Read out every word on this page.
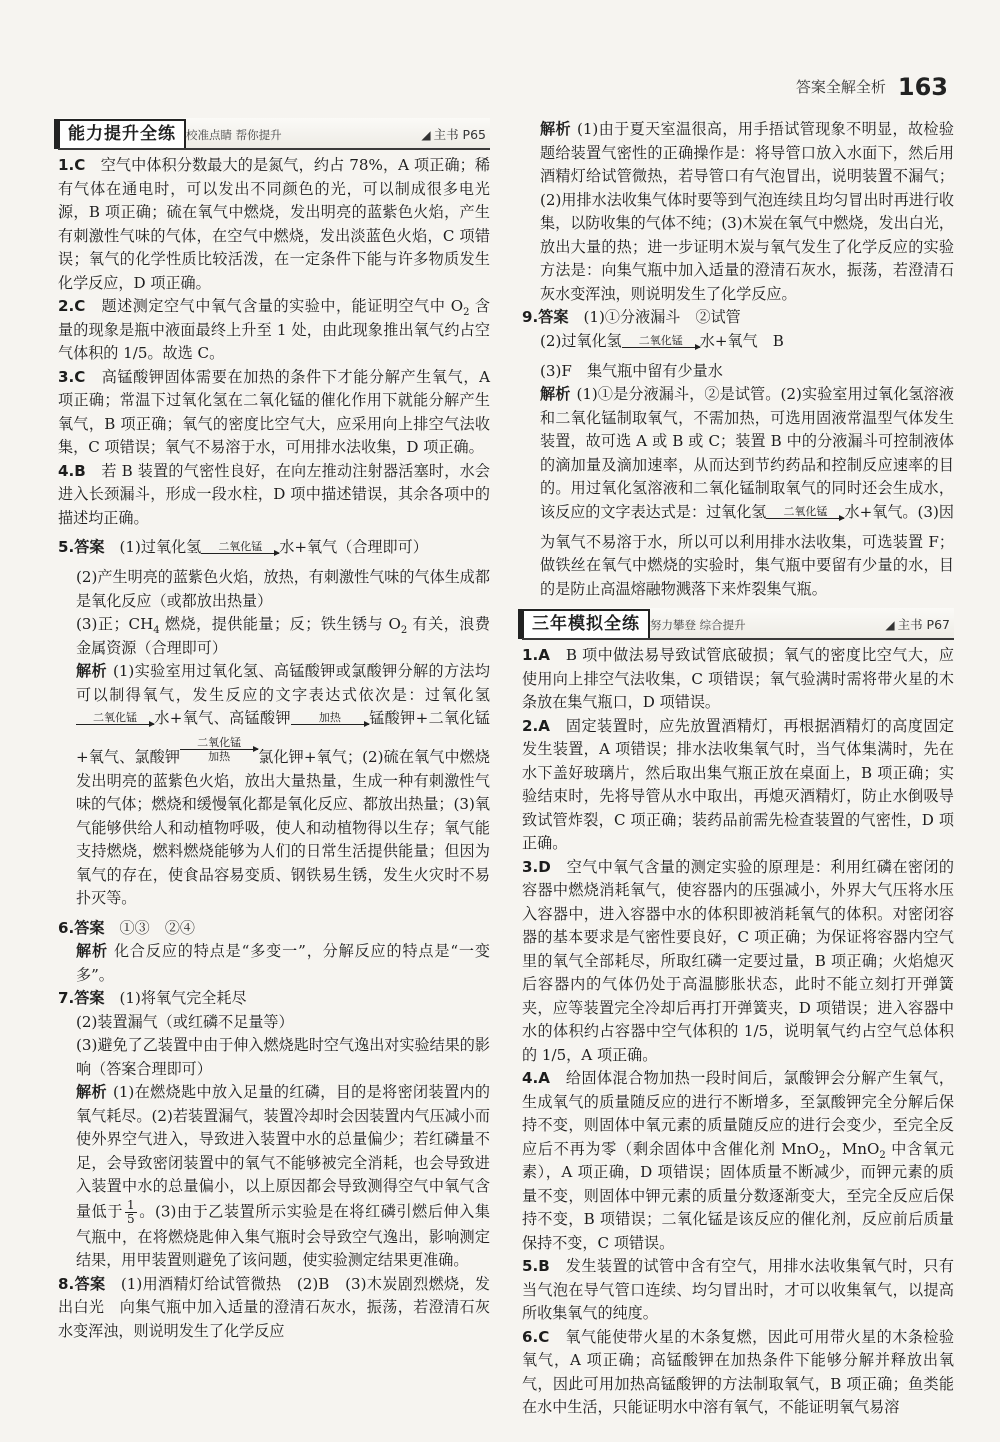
答案全解全析 163
能力提升全练 校准点睛 帮你提升	◢ 主书 P65

1.C　 空气中体积分数最大的是氮气，约占 78%，A 项正确；稀有气体在通电时，可以发出不同颜色的光，可以制成很多电光源，B 项正确；硫在氧气中燃烧，发出明亮的蓝紫色火焰，产生有刺激性气味的气体，在空气中燃烧，发出淡蓝色火焰，C 项错误；氧气的化学性质比较活泼，在一定条件下能与许多物质发生化学反应，D 项正确。

2.C　 题述测定空气中氧气含量的实验中，能证明空气中 $O_2$ 含量的现象是瓶中液面最终上升至 1 处，由此现象推出氧气约占空气体积的 1/5。故选 C。

3.C　 高锰酸钾固体需要在加热的条件下才能分解产生氧气，A 项正确；常温下过氧化氢在二氧化锰的催化作用下就能分解产生氧气，B 项正确；氧气的密度比空气大，应采用向上排空气法收集，C 项错误；氧气不易溶于水，可用排水法收集，D 项正确。

4.B　 若 B 装置的气密性良好，在向左推动注射器活塞时，水会进入长颈漏斗，形成一段水柱，D 项中描述错误，其余各项中的描述均正确。

5.答案　 (1)过氧化氢	二氧化锰	水+氧气（合理即可）

(2)产生明亮的蓝紫色火焰，放热，有刺激性气味的气体生成都是氧化反应（或都放出热量）

(3)正；$CH_4$ 燃烧，提供能量；反；铁生锈与 $O_2$ 有关，浪费金属资源（合理即可）

解析 (1)实验室用过氧化氢、高锰酸钾或氯酸钾分解的方法均可以制得氧气，发生反应的文字表达式依次是：过氧化氢
二氧化锰	水+氧气、高锰酸钾	加热	锰酸钾+二氧化锰+氧气、氯酸钾
二氧化锰
加热	氯化钾+氧气；(2)硫在氧气中燃烧发出明亮的蓝紫色火焰，放出大量热量，生成一种有刺激性气味的气体；燃烧和缓慢氧化都是氧化反应、都放出热量；(3)氧气能够供给人和动植物呼吸，使人和动植物得以生存；氧气能支持燃烧，燃料燃烧能够为人们的日常生活提供能量；但因为氧气的存在，使食品容易变质、钢铁易生锈，发生火灾时不易扑灭等。

6.答案　 ①③　②④

解析 化合反应的特点是“多变一”，分解反应的特点是“一变多”。

7.答案　 (1)将氧气完全耗尽

(2)装置漏气（或红磷不足量等）

(3)避免了乙装置中由于伸入燃烧匙时空气逸出对实验结果的影响（答案合理即可）

解析 (1)在燃烧匙中放入足量的红磷，目的是将密闭装置内的氧气耗尽。(2)若装置漏气，装置冷却时会因装置内气压减小而使外界空气进入，导致进入装置中水的总量偏少；若红磷量不足，会导致密闭装置中的氧气不能够被完全消耗，也会导致进入装置中水的总量偏小，以上原因都会导致测得空气中氧气含量低于 $\frac{1}{5}$ 。(3)由于乙装置所示实验是在将红磷引燃后伸入集气瓶中，在将燃烧匙伸入集气瓶时会导致空气逸出，影响测定结果，用甲装置则避免了该问题，使实验测定结果更准确。

8.答案　 (1)用酒精灯给试管微热　(2)B　(3)木炭剧烈燃烧，发出白光　向集气瓶中加入适量的澄清石灰水，振荡，若澄清石灰水变浑浊，则说明发生了化学反应

解析 (1)由于夏天室温很高，用手捂试管现象不明显，故检验题给装置气密性的正确操作是：将导管口放入水面下，然后用酒精灯给试管微热，若导管口有气泡冒出，说明装置不漏气；(2)用排水法收集气体时要等到气泡连续且均匀冒出时再进行收集，以防收集的气体不纯；(3)木炭在氧气中燃烧，发出白光，放出大量的热；进一步证明木炭与氧气发生了化学反应的实验方法是：向集气瓶中加入适量的澄清石灰水，振荡，若澄清石灰水变浑浊，则说明发生了化学反应。

9.答案　 (1)①分液漏斗　②试管

(2)过氧化氢	二氧化锰	水+氧气　B

(3)F　集气瓶中留有少量水

解析 (1)①是分液漏斗，②是试管。(2)实验室用过氧化氢溶液和二氧化锰制取氧气，不需加热，可选用固液常温型气体发生装置，故可选 A 或 B 或 C；装置 B 中的分液漏斗可控制液体的滴加量及滴加速率，从而达到节约药品和控制反应速率的目的。用过氧化氢溶液和二氧化锰制取氧气的同时还会生成水，该反应的文字表达式是：过氧化氢	二氧化锰	水+氧气。(3)因为氧气不易溶于水，所以可以利用排水法收集，可选装置 F；做铁丝在氧气中燃烧的实验时，集气瓶中要留有少量的水，目的是防止高温熔融物溅落下来炸裂集气瓶。

三年模拟全练 努力攀登 综合提升	◢ 主书 P67

1.A　 B 项中做法易导致试管底破损；氧气的密度比空气大，应使用向上排空气法收集，C 项错误；氧气验满时需将带火星的木条放在集气瓶口，D 项错误。

2.A　 固定装置时，应先放置酒精灯，再根据酒精灯的高度固定发生装置，A 项错误；排水法收集氧气时，当气体集满时，先在水下盖好玻璃片，然后取出集气瓶正放在桌面上，B 项正确；实验结束时，先将导管从水中取出，再熄灭酒精灯，防止水倒吸导致试管炸裂，C 项正确；装药品前需先检查装置的气密性，D 项正确。

3.D　 空气中氧气含量的测定实验的原理是：利用红磷在密闭的容器中燃烧消耗氧气，使容器内的压强减小，外界大气压将水压入容器中，进入容器中水的体积即被消耗氧气的体积。对密闭容器的基本要求是气密性要良好，C 项正确；为保证将容器内空气里的氧气全部耗尽，所取红磷一定要过量，B 项正确；火焰熄灭后容器内的气体仍处于高温膨胀状态，此时不能立刻打开弹簧夹，应等装置完全冷却后再打开弹簧夹，D 项错误；进入容器中水的体积约占容器中空气体积的 1/5，说明氧气约占空气总体积的 1/5，A 项正确。

4.A　 给固体混合物加热一段时间后，氯酸钾会分解产生氧气，生成氧气的质量随反应的进行不断增多，至氯酸钾完全分解后保持不变，则固体中氧元素的质量随反应的进行会变少，至完全反应后不再为零（剩余固体中含催化剂 MnO$_2$，MnO$_2$ 中含氧元素），A 项正确，D 项错误；固体质量不断减少，而钾元素的质量不变，则固体中钾元素的质量分数逐渐变大，至完全反应后保持不变，B 项错误；二氧化锰是该反应的催化剂，反应前后质量保持不变，C 项错误。

5.B　 发生装置的试管中含有空气，用排水法收集氧气时，只有当气泡在导气管口连续、均匀冒出时，才可以收集氧气，以提高所收集氧气的纯度。

6.C　 氧气能使带火星的木条复燃，因此可用带火星的木条检验氧气，A 项正确；高锰酸钾在加热条件下能够分解并释放出氧气，因此可用加热高锰酸钾的方法制取氧气，B 项正确；鱼类能在水中生活，只能证明水中溶有氧气，不能证明氧气易溶
